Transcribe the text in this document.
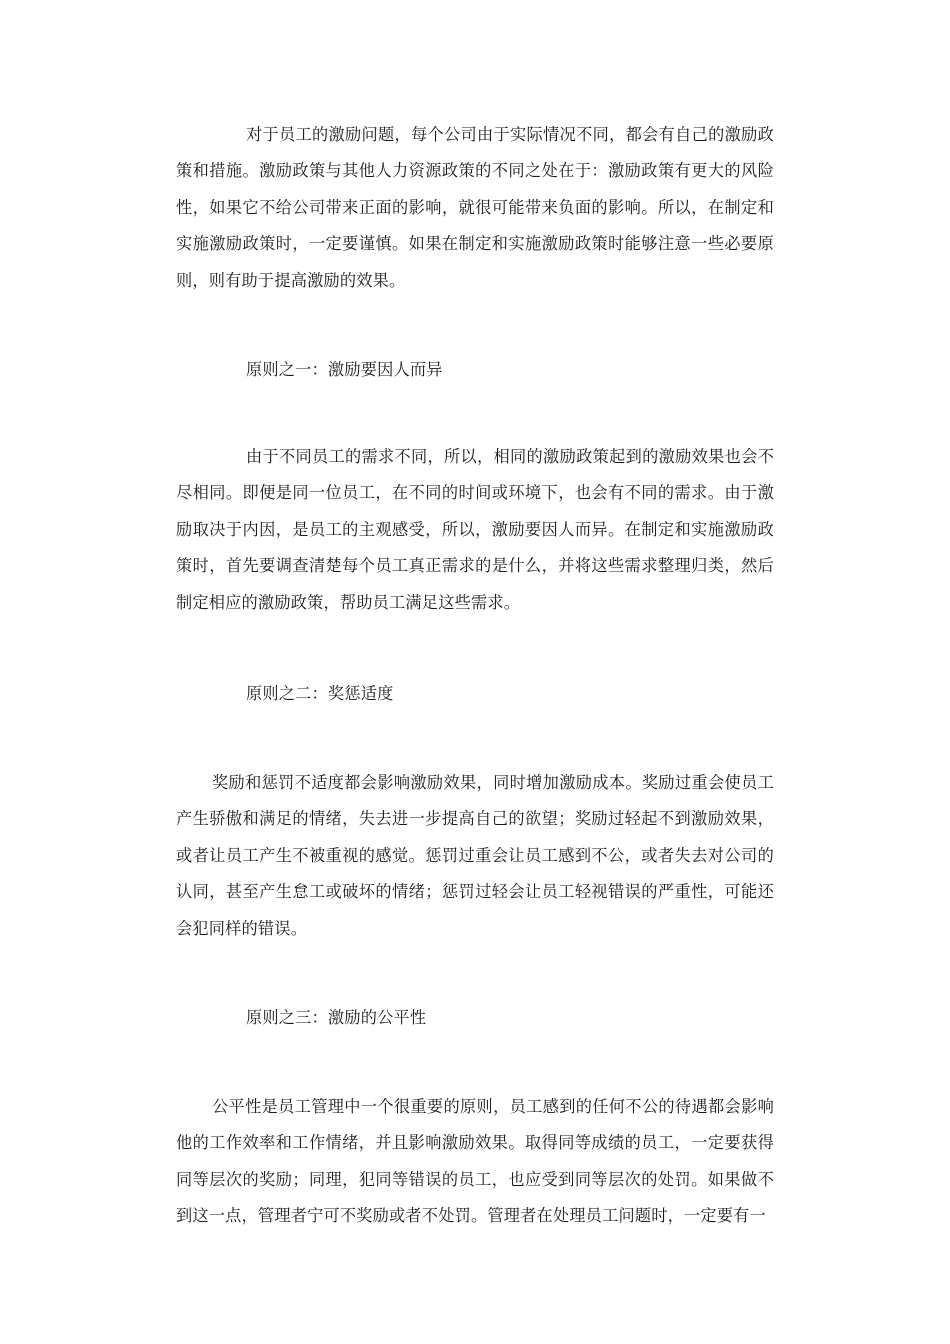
对于员工的激励问题，每个公司由于实际情况不同，都会有自己的激励政策和措施。激励政策与其他人力资源政策的不同之处在于：激励政策有更大的风险性，如果它不给公司带来正面的影响，就很可能带来负面的影响。所以，在制定和实施激励政策时，一定要谨慎。如果在制定和实施激励政策时能够注意一些必要原则，则有助于提高激励的效果。

原则之一：激励要因人而异

由于不同员工的需求不同，所以，相同的激励政策起到的激励效果也会不尽相同。即便是同一位员工，在不同的时间或环境下，也会有不同的需求。由于激励取决于内因，是员工的主观感受，所以，激励要因人而异。在制定和实施激励政策时，首先要调查清楚每个员工真正需求的是什么，并将这些需求整理归类，然后制定相应的激励政策，帮助员工满足这些需求。

原则之二：奖惩适度

奖励和惩罚不适度都会影响激励效果，同时增加激励成本。奖励过重会使员工产生骄傲和满足的情绪，失去进一步提高自己的欲望；奖励过轻起不到激励效果，或者让员工产生不被重视的感觉。惩罚过重会让员工感到不公，或者失去对公司的认同，甚至产生怠工或破坏的情绪；惩罚过轻会让员工轻视错误的严重性，可能还会犯同样的错误。

原则之三：激励的公平性

公平性是员工管理中一个很重要的原则，员工感到的任何不公的待遇都会影响他的工作效率和工作情绪，并且影响激励效果。取得同等成绩的员工，一定要获得同等层次的奖励；同理，犯同等错误的员工，也应受到同等层次的处罚。如果做不到这一点，管理者宁可不奖励或者不处罚。管理者在处理员工问题时，一定要有一
